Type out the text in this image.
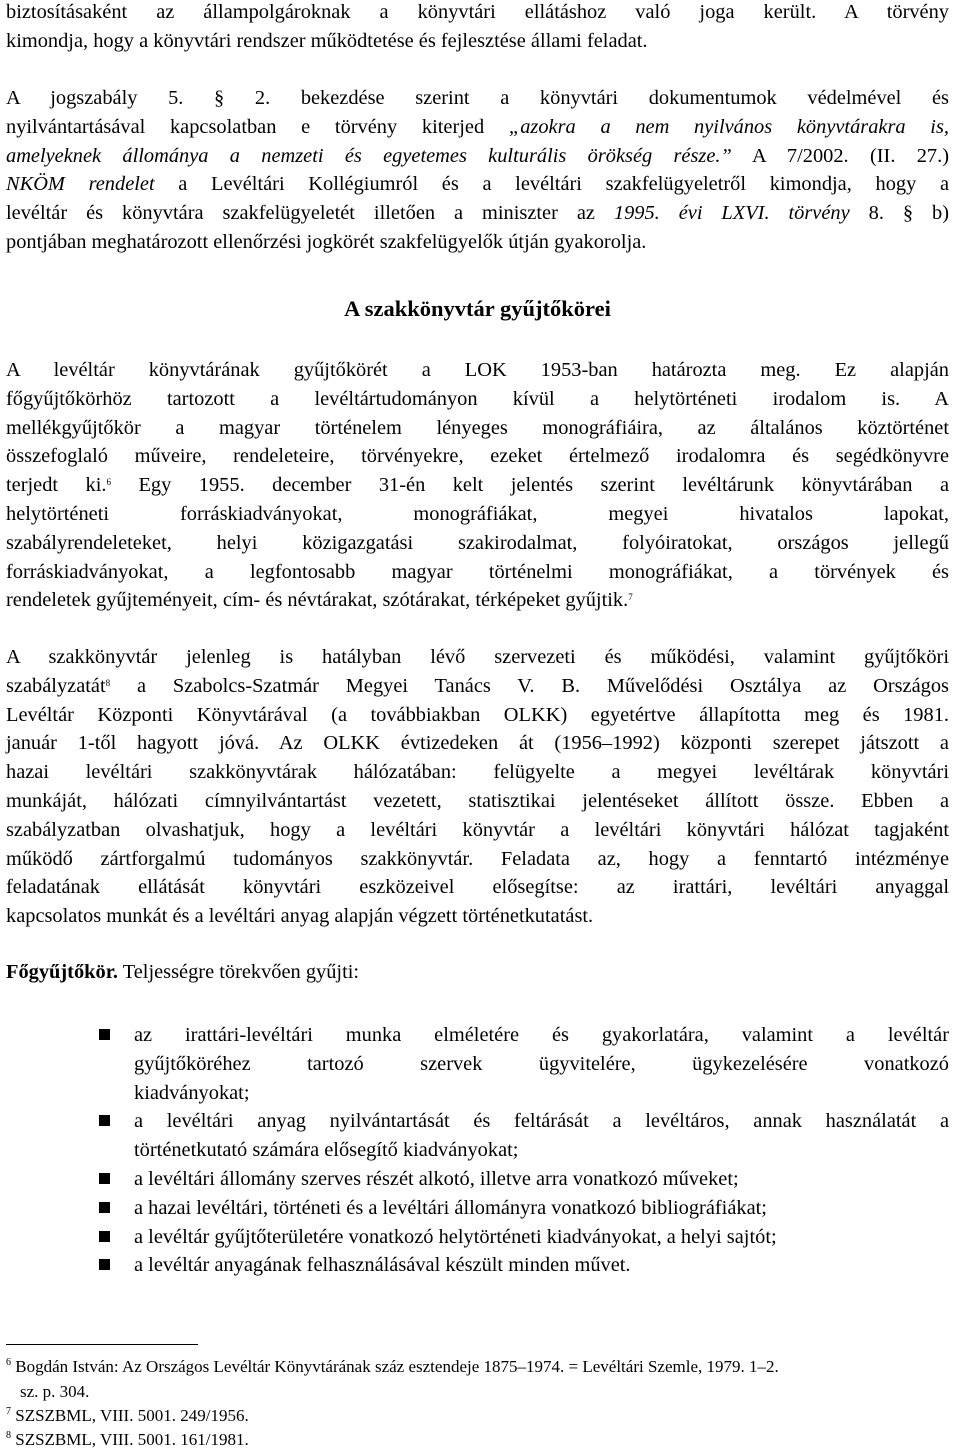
biztosításaként az állampolgároknak a könyvtári ellátáshoz való joga került. A törvény
kimondja, hogy a könyvtári rendszer működtetése és fejlesztése állami feladat.
A jogszabály 5. § 2. bekezdése szerint a könyvtári dokumentumok védelmével és
nyilvántartásával kapcsolatban e törvény kiterjed „azokra a nem nyilvános könyvtárakra is,
amelyeknek állománya a nemzeti és egyetemes kulturális örökség része.” A 7/2002. (II. 27.)
NKÖM rendelet a Levéltári Kollégiumról és a levéltári szakfelügyeletről kimondja, hogy a
levéltár és könyvtára szakfelügyeletét illetően a miniszter az 1995. évi LXVI. törvény 8. § b)
pontjában meghatározott ellenőrzési jogkörét szakfelügyelők útján gyakorolja.
A szakkönyvtár gyűjtőkörei
A levéltár könyvtárának gyűjtőkörét a LOK 1953-ban határozta meg. Ez alapján
főgyűjtőkörhöz tartozott a levéltártudományon kívül a helytörténeti irodalom is. A
mellékgyűjtőkör a magyar történelem lényeges monográfiáira, az általános köztörténet
összefoglaló műveire, rendeleteire, törvényekre, ezeket értelmező irodalomra és segédkönyvre
terjedt ki.$^6$ Egy 1955. december 31-én kelt jelentés szerint levéltárunk könyvtárában a
helytörténeti forráskiadványokat, monográfiákat, megyei hivatalos lapokat,
szabályrendeleteket, helyi közigazgatási szakirodalmat, folyóiratokat, országos jellegű
forráskiadványokat, a legfontosabb magyar történelmi monográfiákat, a törvények és
rendeletek gyűjteményeit, cím- és névtárakat, szótárakat, térképeket gyűjtik.$^7$
A szakkönyvtár jelenleg is hatályban lévő szervezeti és működési, valamint gyűjtőköri
szabályzatát$^8$ a Szabolcs-Szatmár Megyei Tanács V. B. Művelődési Osztálya az Országos
Levéltár Központi Könyvtárával (a továbbiakban OLKK) egyetértve állapította meg és 1981.
január 1-től hagyott jóvá. Az OLKK évtizedeken át (1956–1992) központi szerepet játszott a
hazai levéltári szakkönyvtárak hálózatában: felügyelte a megyei levéltárak könyvtári
munkáját, hálózati címnyilvántartást vezetett, statisztikai jelentéseket állított össze. Ebben a
szabályzatban olvashatjuk, hogy a levéltári könyvtár a levéltári könyvtári hálózat tagjaként
működő zártforgalmú tudományos szakkönyvtár. Feladata az, hogy a fenntartó intézménye
feladatának ellátását könyvtári eszközeivel elősegítse: az irattári, levéltári anyaggal
kapcsolatos munkát és a levéltári anyag alapján végzett történetkutatást.
Főgyűjtőkör. Teljességre törekvően gyűjti:
az irattári-levéltári munka elméletére és gyakorlatára, valamint a levéltár
gyűjtőköréhez tartozó szervek ügyvitelére, ügykezelésére vonatkozó
kiadványokat;
a levéltári anyag nyilvántartását és feltárását a levéltáros, annak használatát a
történetkutató számára elősegítő kiadványokat;
a levéltári állomány szerves részét alkotó, illetve arra vonatkozó műveket;
a hazai levéltári, történeti és a levéltári állományra vonatkozó bibliográfiákat;
a levéltár gyűjtőterületére vonatkozó helytörténeti kiadványokat, a helyi sajtót;
a levéltár anyagának felhasználásával készült minden művet.
$^6$ Bogdán István: Az Országos Levéltár Könyvtárának száz esztendeje 1875–1974. = Levéltári Szemle, 1979. 1–2.
sz. p. 304.
$^7$ SZSZBML, VIII. 5001. 249/1956.
$^8$ SZSZBML, VIII. 5001. 161/1981.
